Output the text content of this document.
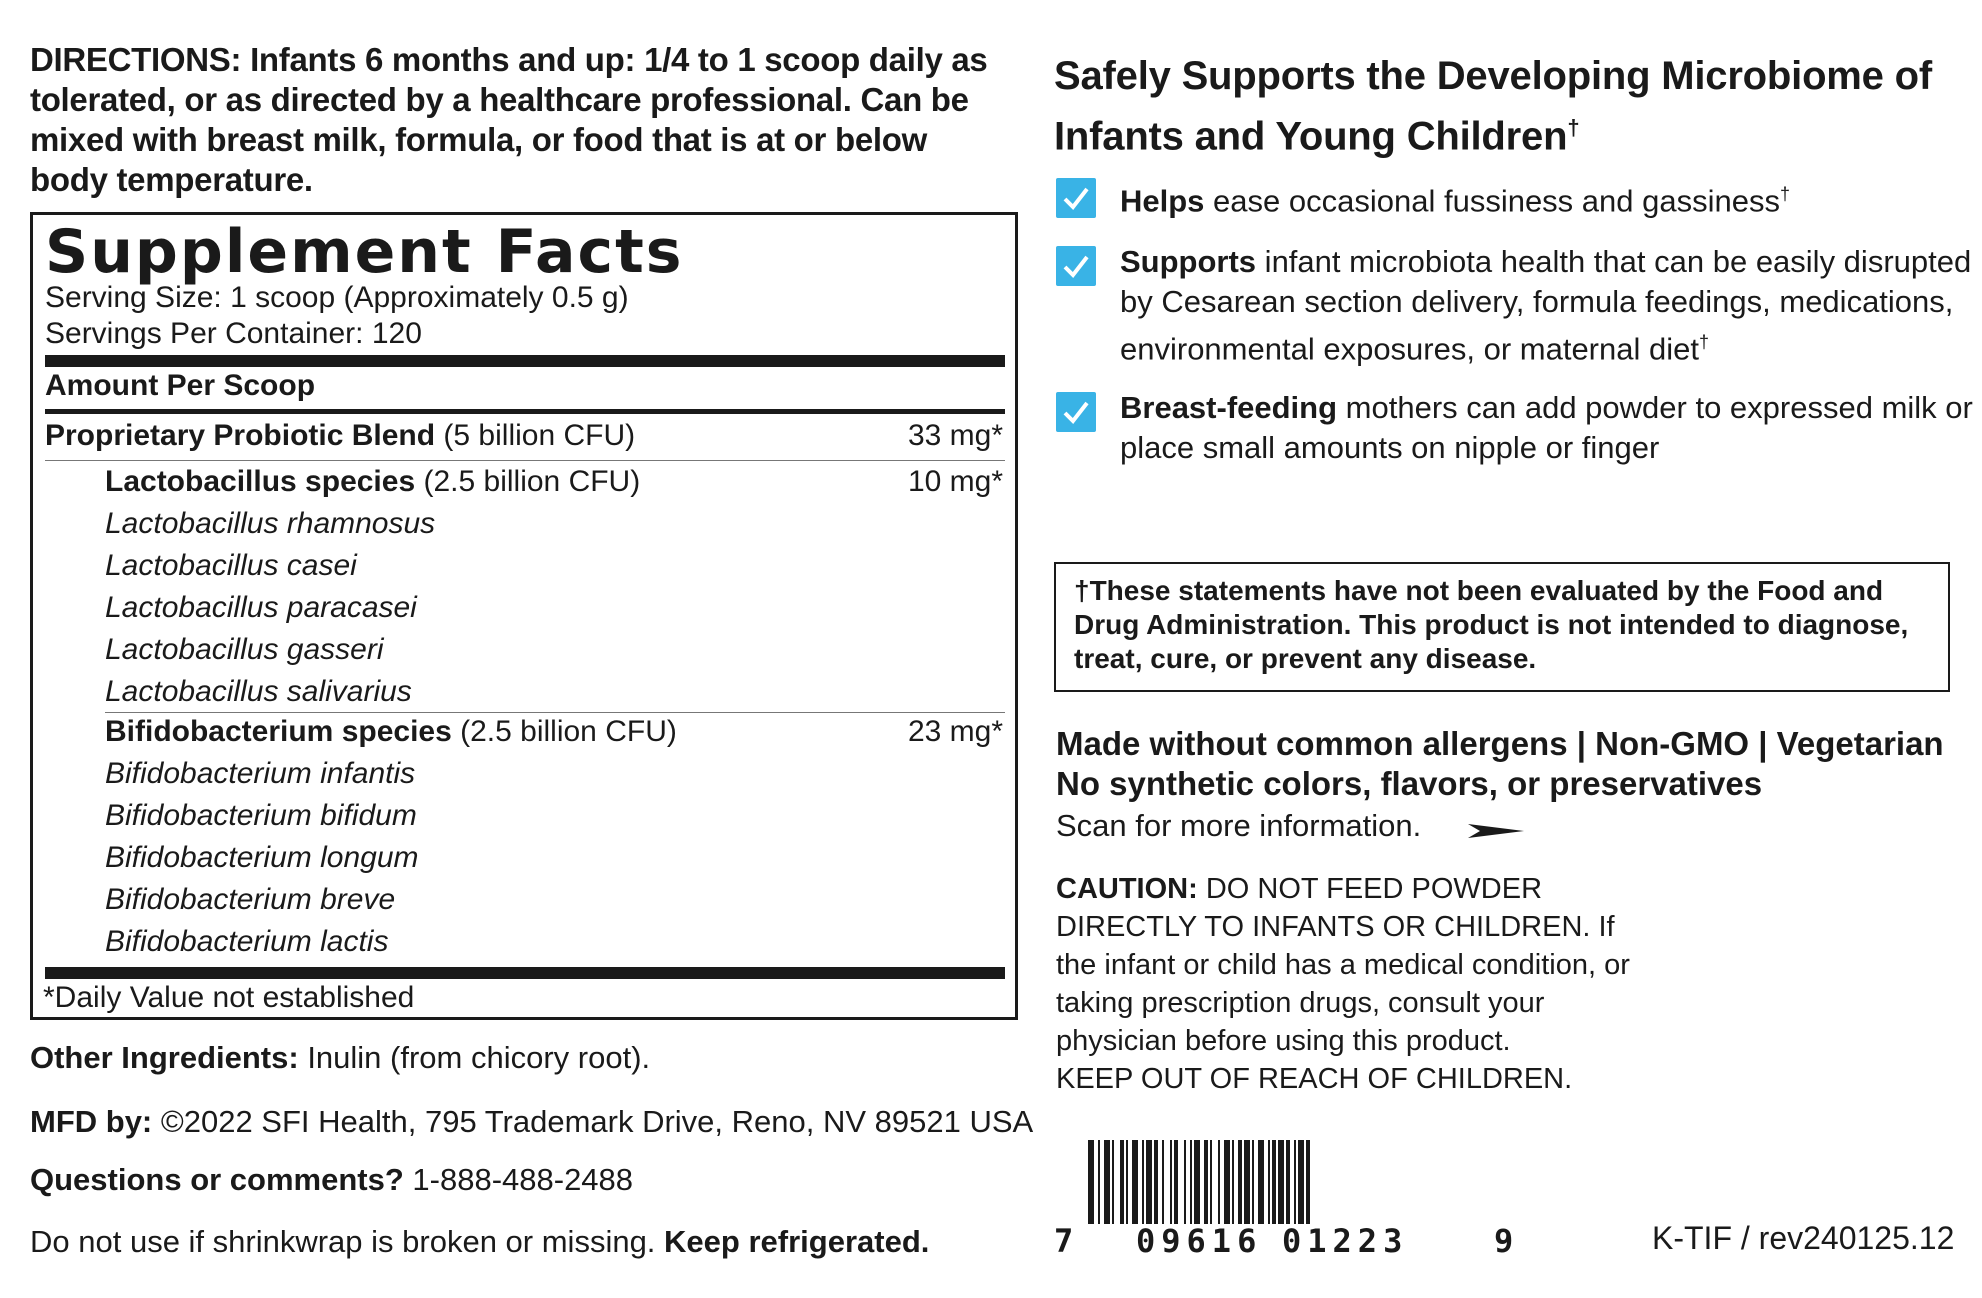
DIRECTIONS: Infants 6 months and up: 1/4 to 1 scoop daily as tolerated, or as directed by a healthcare professional. Can be mixed with breast milk, formula, or food that is at or below body temperature.
Supplement Facts
Serving Size: 1 scoop (Approximately 0.5 g)
Servings Per Container: 120
Amount Per Scoop
Proprietary Probiotic Blend (5 billion CFU)	33 mg*
Lactobacillus species (2.5 billion CFU)	10 mg*
Lactobacillus rhamnosus
Lactobacillus casei
Lactobacillus paracasei
Lactobacillus gasseri
Lactobacillus salivarius
Bifidobacterium species (2.5 billion CFU)	23 mg*
Bifidobacterium infantis
Bifidobacterium bifidum
Bifidobacterium longum
Bifidobacterium breve
Bifidobacterium lactis
*Daily Value not established
Other Ingredients: Inulin (from chicory root).
MFD by: ©2022 SFI Health, 795 Trademark Drive, Reno, NV 89521 USA
Questions or comments? 1-888-488-2488
Do not use if shrinkwrap is broken or missing. Keep refrigerated.
Safely Supports the Developing Microbiome of
Infants and Young Children†
Helps ease occasional fussiness and gassiness†
Supports infant microbiota health that can be easily disrupted by Cesarean section delivery, formula feedings, medications, environmental exposures, or maternal diet†
Breast-feeding mothers can add powder to expressed milk or place small amounts on nipple or finger
†These statements have not been evaluated by the Food and Drug Administration. This product is not intended to diagnose, treat, cure, or prevent any disease.
Made without common allergens | Non-GMO | Vegetarian
No synthetic colors, flavors, or preservatives
Scan for more information.
CAUTION: DO NOT FEED POWDER DIRECTLY TO INFANTS OR CHILDREN. If the infant or child has a medical condition, or taking prescription drugs, consult your physician before using this product.
KEEP OUT OF REACH OF CHILDREN.
7 09616 01223	9	K-TIF / rev240125.12
